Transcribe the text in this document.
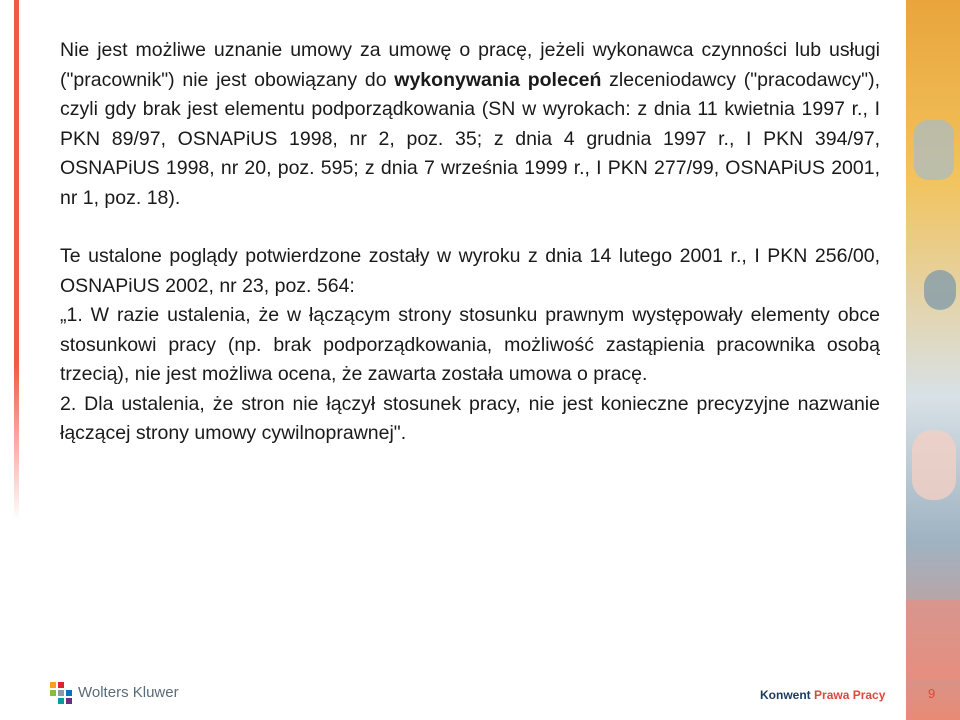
Nie jest możliwe uznanie umowy za umowę o pracę, jeżeli wykonawca czynności lub usługi ("pracownik") nie jest obowiązany do wykonywania poleceń zleceniodawcy ("pracodawcy"), czyli gdy brak jest elementu podporządkowania (SN w wyrokach: z dnia 11 kwietnia 1997 r., I PKN 89/97, OSNAPiUS 1998, nr 2, poz. 35; z dnia 4 grudnia 1997 r., I PKN 394/97, OSNAPiUS 1998, nr 20, poz. 595; z dnia 7 września 1999 r., I PKN 277/99, OSNAPiUS 2001, nr 1, poz. 18).

Te ustalone poglądy potwierdzone zostały w wyroku z dnia 14 lutego 2001 r., I PKN 256/00, OSNAPiUS 2002, nr 23, poz. 564:

„1. W razie ustalenia, że w łączącym strony stosunku prawnym występowały elementy obce stosunkowi pracy (np. brak podporządkowania, możliwość zastąpienia pracownika osobą trzecią), nie jest możliwa ocena, że zawarta została umowa o pracę.

2. Dla ustalenia, że stron nie łączył stosunek pracy, nie jest konieczne precyzyjne nazwanie łączącej strony umowy cywilnoprawnej".

Wolters Kluwer	Konwent Prawa Pracy	9
